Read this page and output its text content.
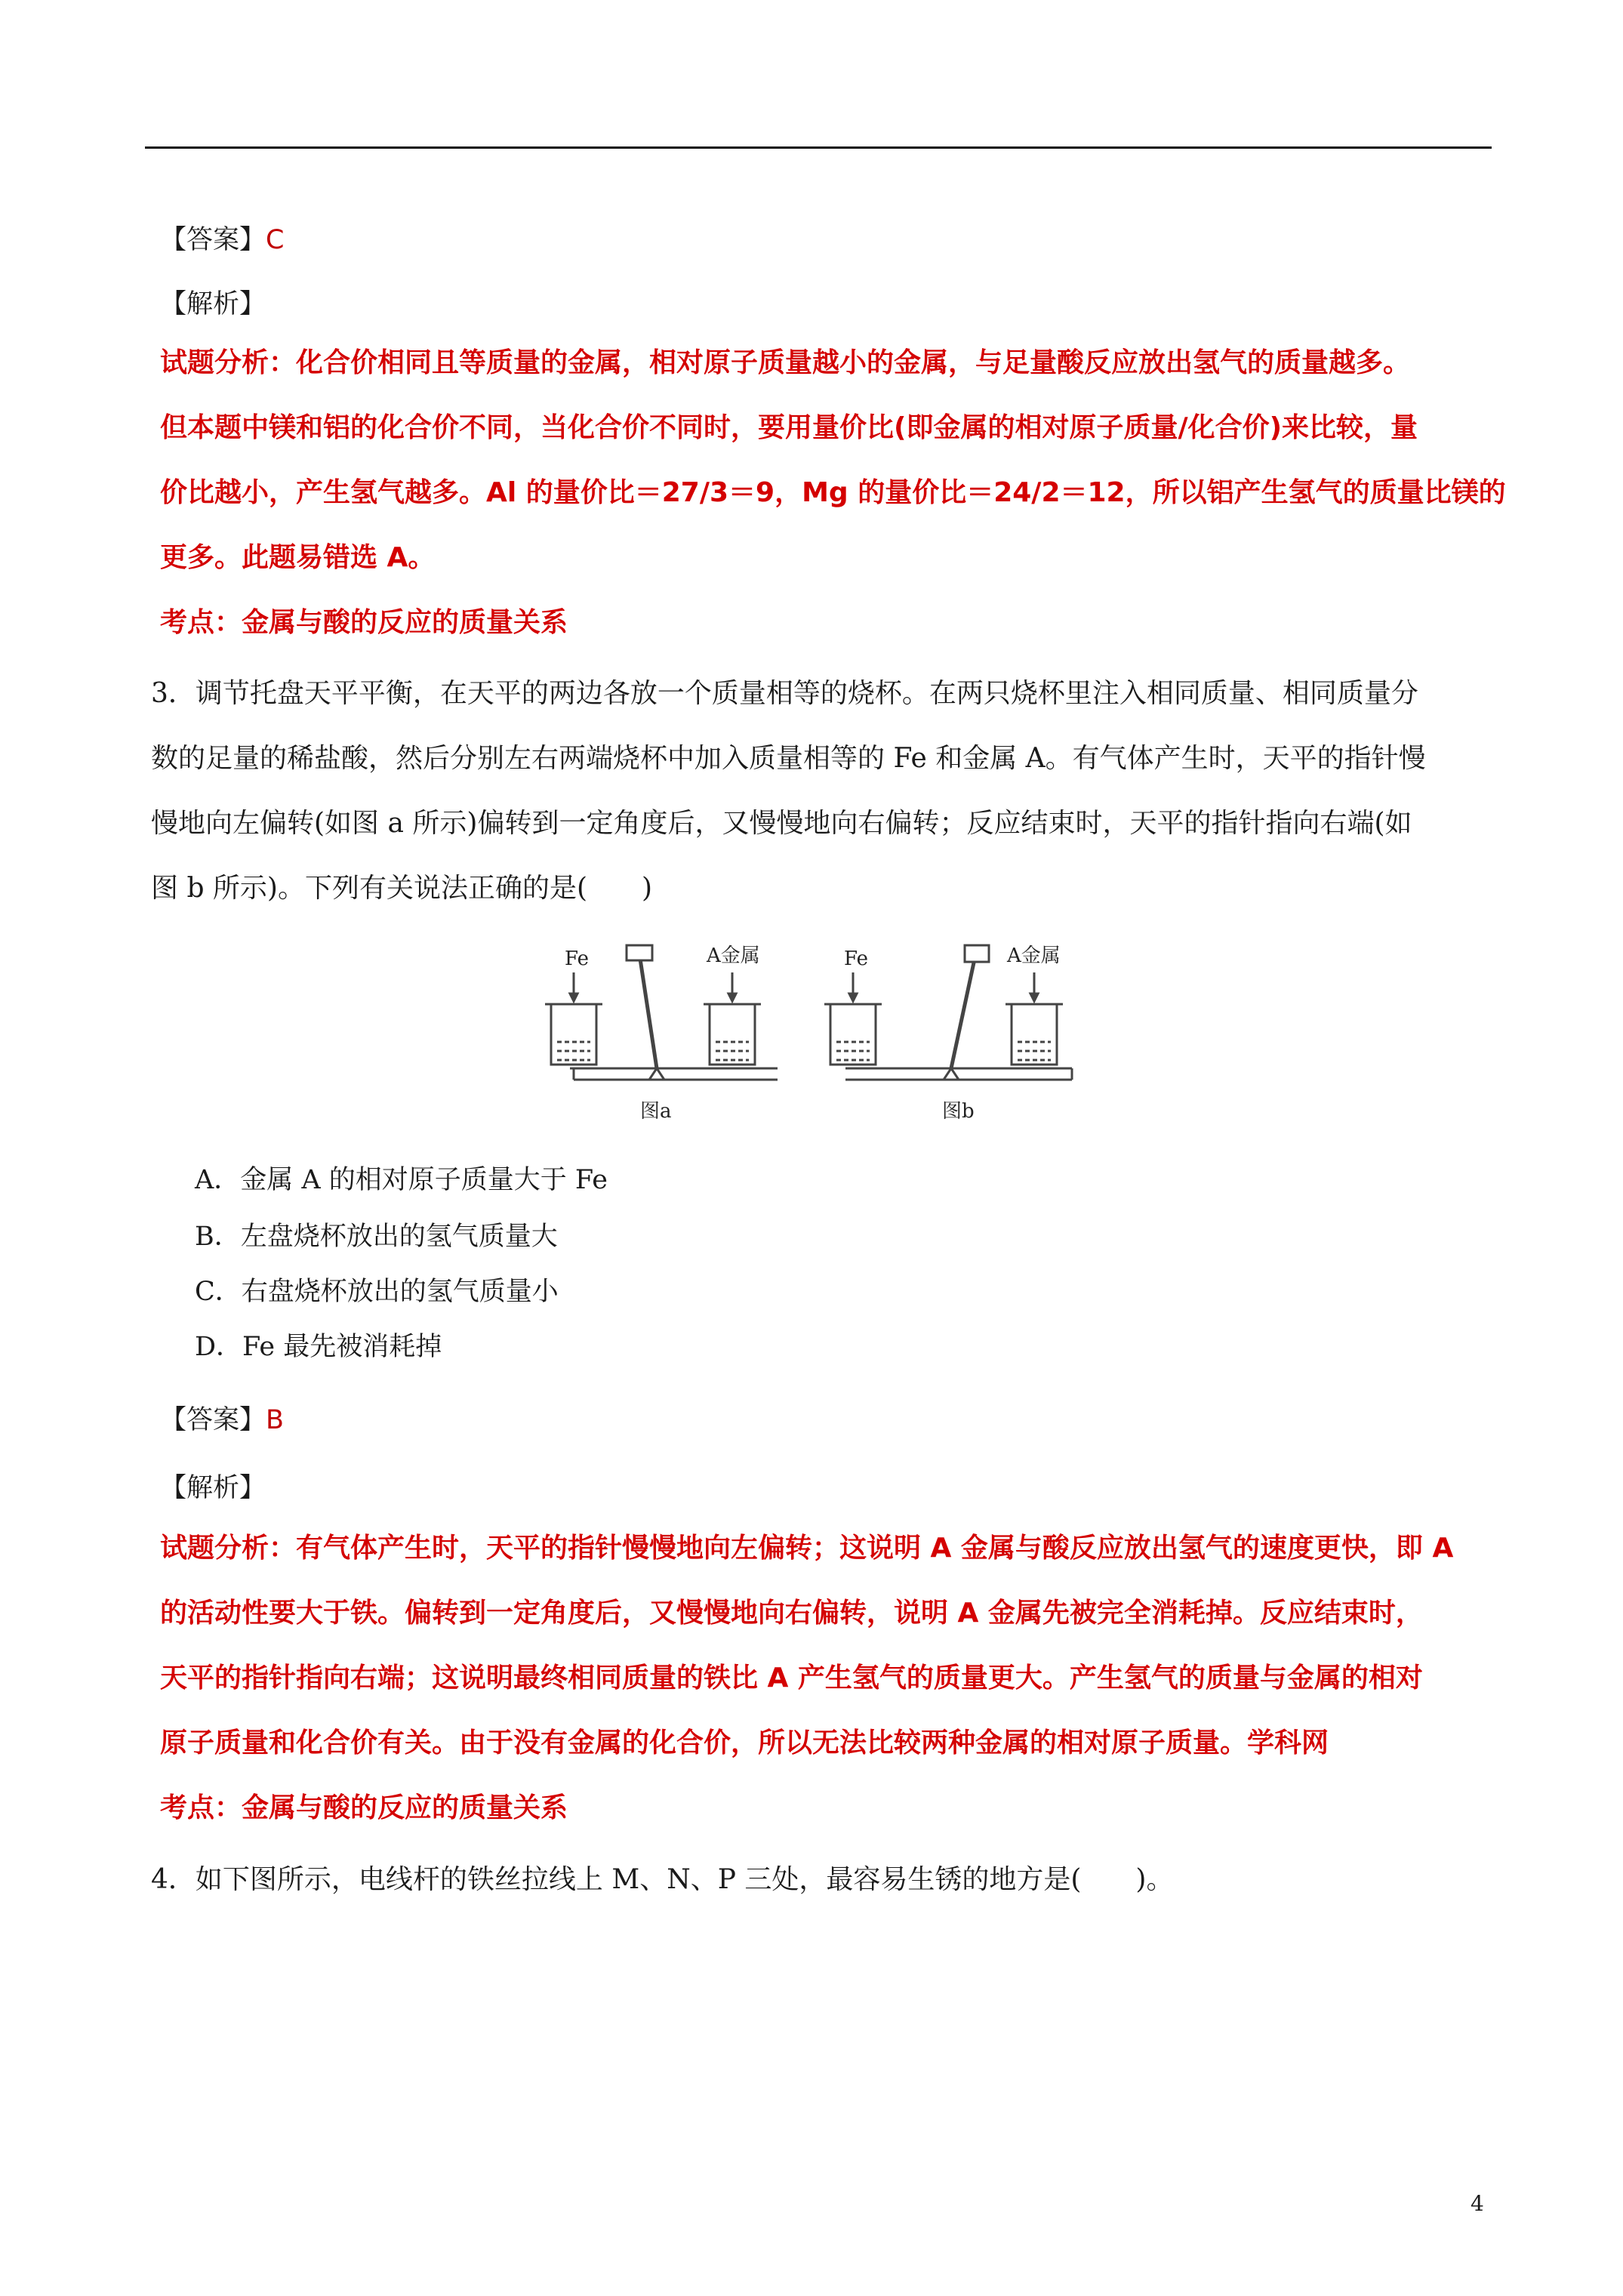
【答案】C
【解析】
试题分析：化合价相同且等质量的金属，相对原子质量越小的金属，与足量酸反应放出氢气的质量越多。
但本题中镁和铝的化合价不同，当化合价不同时，要用量价比(即金属的相对原子质量/化合价)来比较，量
价比越小，产生氢气越多。Al 的量价比＝27/3＝9，Mg 的量价比＝24/2＝12，所以铝产生氢气的质量比镁的
更多。此题易错选 A。
考点：金属与酸的反应的质量关系
3．调节托盘天平平衡，在天平的两边各放一个质量相等的烧杯。在两只烧杯里注入相同质量、相同质量分
数的足量的稀盐酸，然后分别左右两端烧杯中加入质量相等的 Fe 和金属 A。有气体产生时，天平的指针慢
慢地向左偏转(如图 a 所示)偏转到一定角度后，又慢慢地向右偏转；反应结束时，天平的指针指向右端(如
图 b 所示)。下列有关说法正确的是(　　)
Fe	A金属
图a
Fe	A金属
图b
A．金属 A 的相对原子质量大于 Fe
B．左盘烧杯放出的氢气质量大
C．右盘烧杯放出的氢气质量小
D．Fe 最先被消耗掉
【答案】B
【解析】
试题分析：有气体产生时，天平的指针慢慢地向左偏转；这说明 A 金属与酸反应放出氢气的速度更快，即 A
的活动性要大于铁。偏转到一定角度后，又慢慢地向右偏转，说明 A 金属先被完全消耗掉。反应结束时，
天平的指针指向右端；这说明最终相同质量的铁比 A 产生氢气的质量更大。产生氢气的质量与金属的相对
原子质量和化合价有关。由于没有金属的化合价，所以无法比较两种金属的相对原子质量。学科网
考点：金属与酸的反应的质量关系
4．如下图所示，电线杆的铁丝拉线上 M、N、P 三处，最容易生锈的地方是(　　)。
4
